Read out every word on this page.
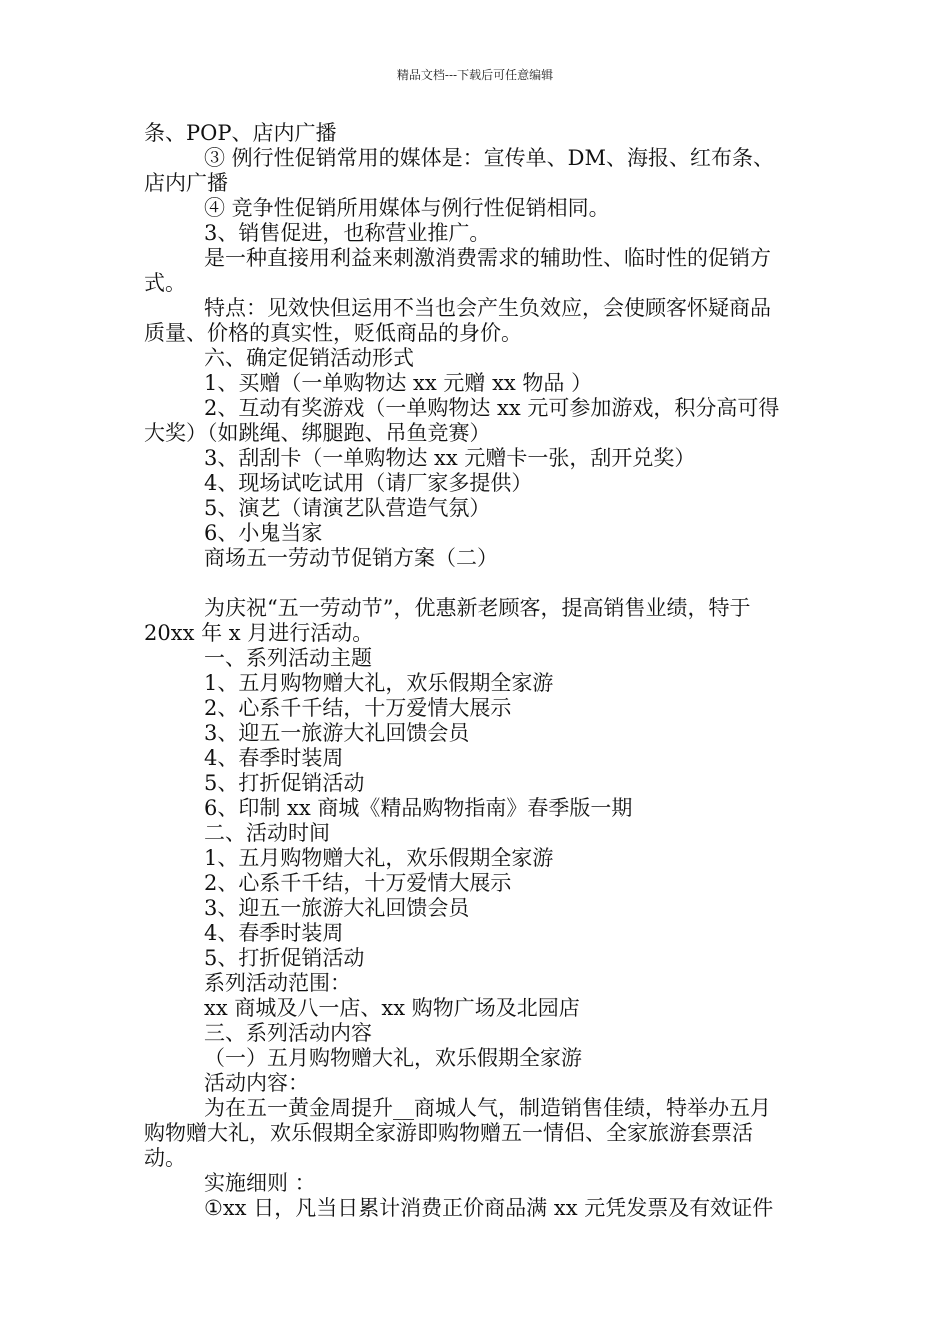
精品文档---下载后可任意编辑
条、POP、店内广播
③ 例行性促销常用的媒体是：宣传单、DM、海报、红布条、
店内广播
④ 竞争性促销所用媒体与例行性促销相同。
3、销售促进，也称营业推广。
是一种直接用利益来刺激消费需求的辅助性、临时性的促销方
式。
特点：见效快但运用不当也会产生负效应，会使顾客怀疑商品
质量、价格的真实性，贬低商品的身价。
六、确定促销活动形式
1、买赠（一单购物达 xx 元赠 xx 物品 ）
2、互动有奖游戏（一单购物达 xx 元可参加游戏，积分高可得
大奖）（如跳绳、绑腿跑、吊鱼竞赛）
3、刮刮卡（一单购物达 xx 元赠卡一张，刮开兑奖）
4、现场试吃试用（请厂家多提供）
5、演艺（请演艺队营造气氛）
6、小鬼当家
商场五一劳动节促销方案（二）
为庆祝“五一劳动节”，优惠新老顾客，提高销售业绩，特于
20xx 年 x 月进行活动。
一、系列活动主题
1、五月购物赠大礼，欢乐假期全家游
2、心系千千结，十万爱情大展示
3、迎五一旅游大礼回馈会员
4、春季时装周
5、打折促销活动
6、印制 xx 商城《精品购物指南》春季版一期
二、活动时间
1、五月购物赠大礼，欢乐假期全家游
2、心系千千结，十万爱情大展示
3、迎五一旅游大礼回馈会员
4、春季时装周
5、打折促销活动
系列活动范围：
xx 商城及八一店、xx 购物广场及北园店
三、系列活动内容
（一）五月购物赠大礼，欢乐假期全家游
活动内容：
为在五一黄金周提升__商城人气，制造销售佳绩，特举办五月
购物赠大礼，欢乐假期全家游即购物赠五一情侣、全家旅游套票活
动。
实施细则 ：
①xx 日，凡当日累计消费正价商品满 xx 元凭发票及有效证件
